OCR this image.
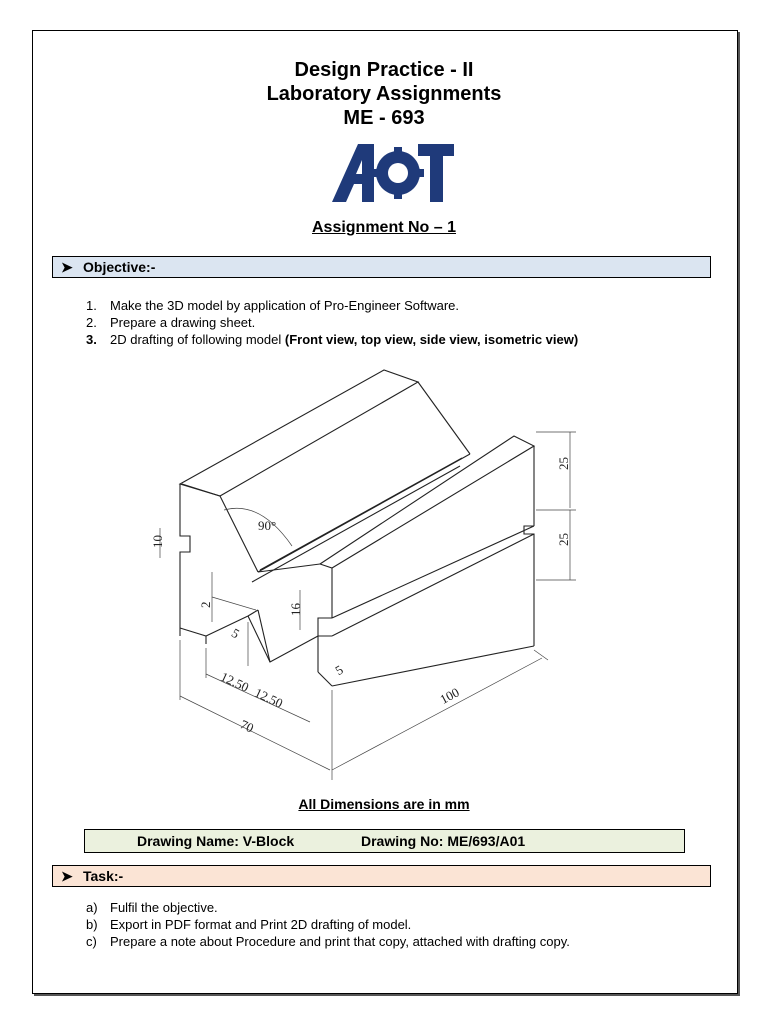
Design Practice - II
Laboratory Assignments
ME - 693
Assignment No – 1
➤ Objective:-
1. Make the 3D model by application of Pro-Engineer Software.
2. Prepare a drawing sheet.
3. 2D drafting of following model (Front view, top view, side view, isometric view)
90°
10
25
25
2	16
5
5
12.50
12.50
70
100
All Dimensions are in mm
Drawing Name: V-Block	Drawing No: ME/693/A01
➤ Task:-
a) Fulfil the objective.
b) Export in PDF format and Print 2D drafting of model.
c) Prepare a note about Procedure and print that copy, attached with drafting copy.
